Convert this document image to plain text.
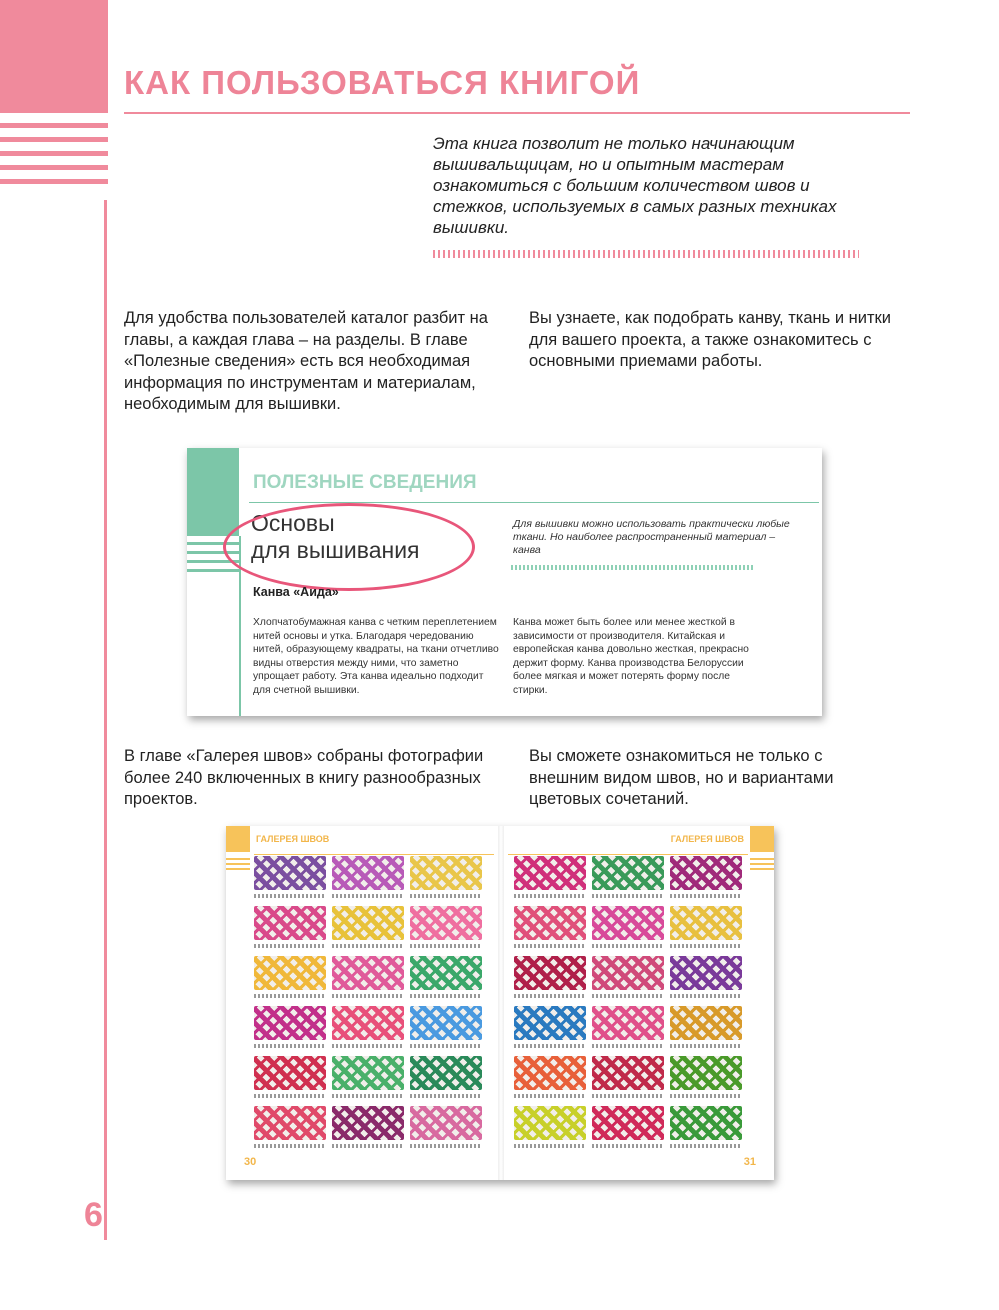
КАК ПОЛЬЗОВАТЬСЯ КНИГОЙ

Эта книга позволит не только начинающим вышивальщицам, но и опытным мастерам ознакомиться с большим количеством швов и стежков, используемых в самых разных техниках вышивки.

Для удобства пользователей каталог разбит на главы, а каждая глава – на разделы. В главе «Полезные сведения» есть вся необходимая информация по инструментам и материалам, необходимым для вышивки.

Вы узнаете, как подобрать канву, ткань и нитки для вашего проекта, а также ознакомитесь с основными приемами работы.

ПОЛЕЗНЫЕ СВЕДЕНИЯ

Основы
для вышивания

Для вышивки можно использовать практически любые ткани. Но наиболее распространенный материал – канва

Канва «Аида»

Хлопчатобумажная канва с четким переплетением нитей основы и утка. Благодаря чередованию нитей, образующему квадраты, на ткани отчетливо видны отверстия между ними, что заметно упрощает работу. Эта канва идеально подходит для счетной вышивки.

Канва может быть более или менее жесткой в зависимости от производителя. Китайская и европейская канва довольно жесткая, прекрасно держит форму. Канва производства Белоруссии более мягкая и может потерять форму после стирки.

В главе «Галерея швов» собраны фотографии более 240 включенных в книгу разнообразных проектов.

Вы сможете ознакомиться не только с внешним видом швов, но и вариантами цветовых сочетаний.

ГАЛЕРЕЯ ШВОВ	ГАЛЕРЕЯ ШВОВ

30	31

6
